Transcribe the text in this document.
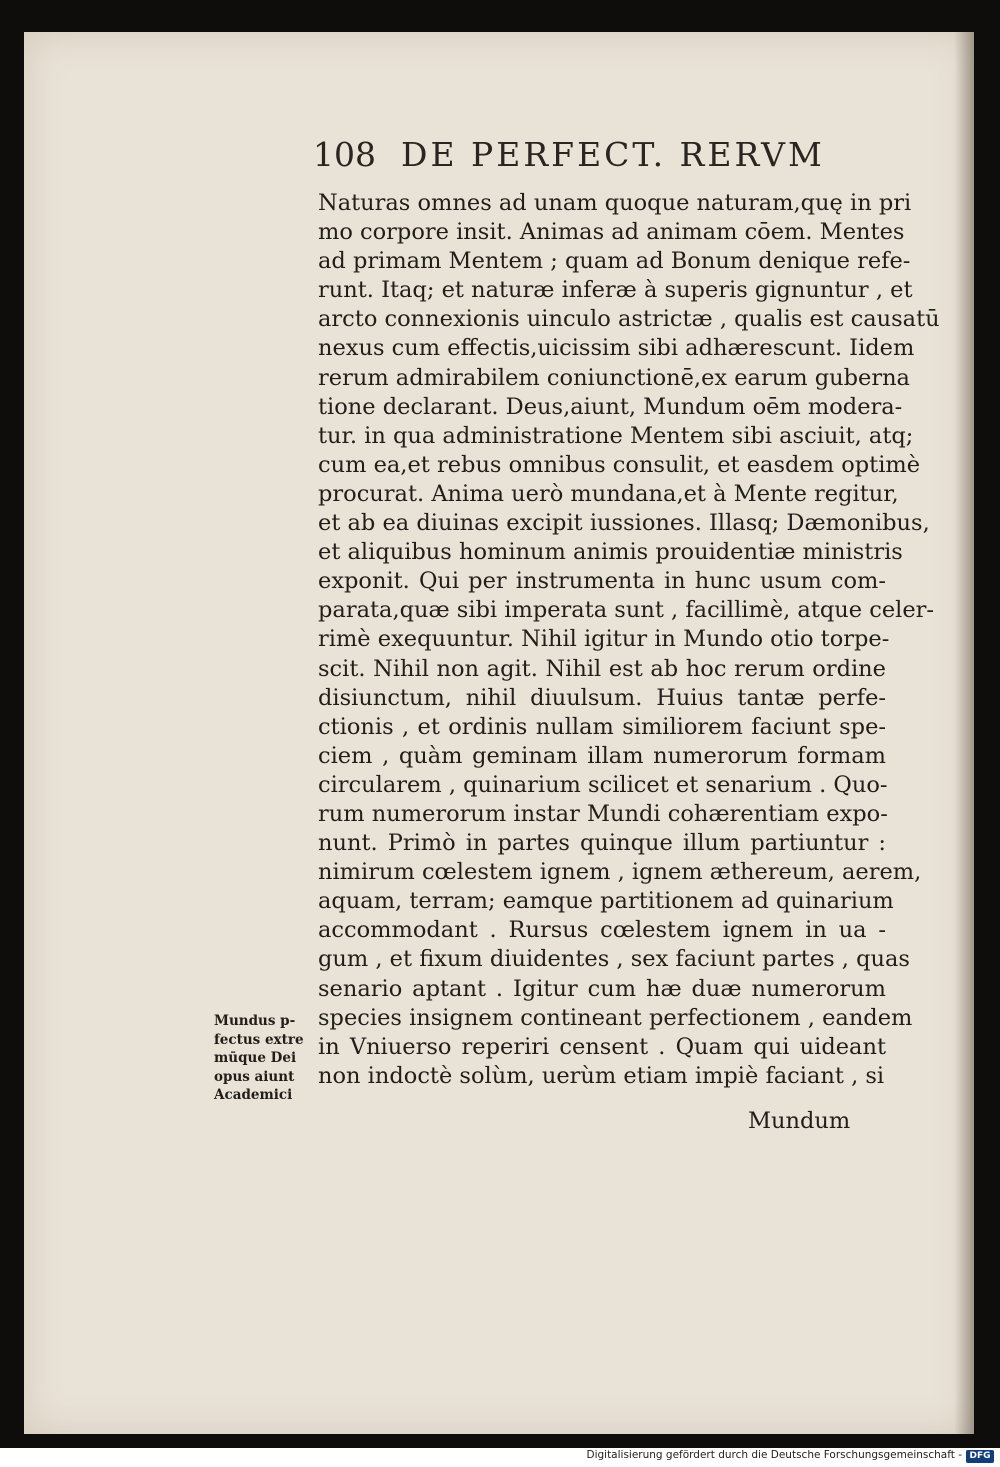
108 DE PERFECT. RERVM
Naturas omnes ad unam quoque naturam,quę in pri
mo corpore insit. Animas ad animam cōem. Mentes
ad primam Mentem ; quam ad Bonum denique refe-
runt. Itaq; et naturæ inferæ à superis gignuntur , et
arcto connexionis uinculo astrictæ , qualis est causatū
nexus cum effectis,uicissim sibi adhærescunt. Iidem
rerum admirabilem coniunctionē,ex earum guberna
tione declarant. Deus,aiunt, Mundum oēm modera-
tur. in qua administratione Mentem sibi asciuit, atq;
cum ea,et rebus omnibus consulit, et easdem optimè
procurat. Anima uerò mundana,et à Mente regitur,
et ab ea diuinas excipit iussiones. Illasq; Dæmonibus,
et aliquibus hominum animis prouidentiæ ministris
exponit. Qui per instrumenta in hunc usum com-
parata,quæ sibi imperata sunt , facillimè, atque celer-
rimè exequuntur. Nihil igitur in Mundo otio torpe-
scit. Nihil non agit. Nihil est ab hoc rerum ordine
disiunctum, nihil diuulsum. Huius tantæ perfe-
ctionis , et ordinis nullam similiorem faciunt spe-
ciem , quàm geminam illam numerorum formam
circularem , quinarium scilicet et senarium . Quo-
rum numerorum instar Mundi cohærentiam expo-
nunt. Primò in partes quinque illum partiuntur :
nimirum cœlestem ignem , ignem æthereum, aerem,
aquam, terram; eamque partitionem ad quinarium
accommodant . Rursus cœlestem ignem in ua -
gum , et fixum diuidentes , sex faciunt partes , quas
senario aptant . Igitur cum hæ duæ numerorum
species insignem contineant perfectionem , eandem
in Vniuerso reperiri censent . Quam qui uideant
non indoctè solùm, uerùm etiam impiè faciant , si
Mundum
Mundus p-
fectus extre
mūque Dei
opus aiunt
Academici
Digitalisierung gefördert durch die Deutsche Forschungsgemeinschaft - DFG
